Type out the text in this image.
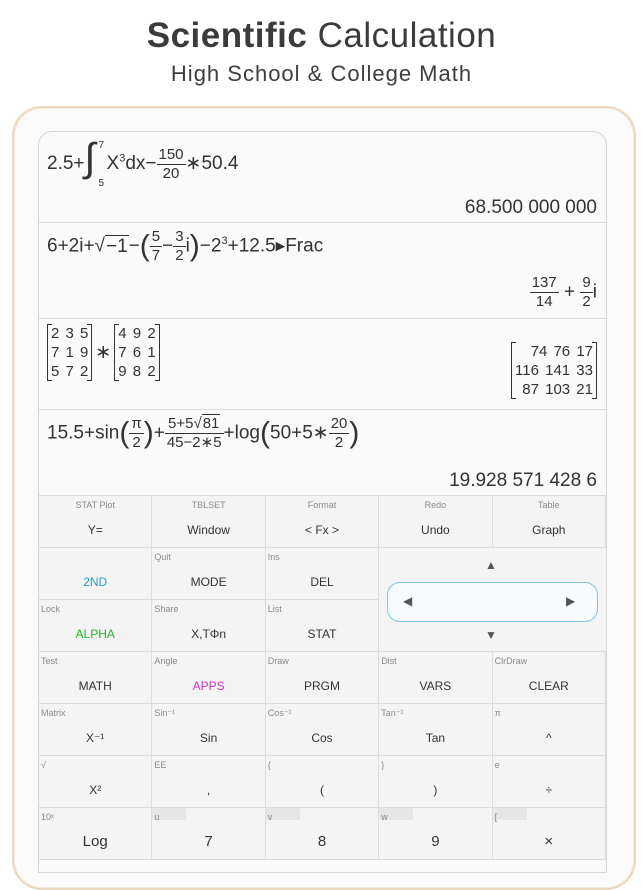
Scientific Calculation
High School & College Math
2.5+ ∫ 7
5
$X^3dx- \frac{150}{20}$ ∗50.4
68.500 000 000
$6+2i+√-1-( \frac{5}{7} - \frac{3}{2}$ $i)-2^3+12.5▸Frac$
$\frac{137}{14} + \frac{9}{2}$ i
2 3 5
7 1 9
5 7 2
∗
4 9 2
7 6 1
9 8 2
74 76 17
116 141 33
87 103 21
$15.5+\sin( \frac{\pi}{2}$ )+ $\frac{5+5√81}{45-2∗5}$ +log(50+5∗ $\frac{20}{2}$ )
19.928 571 428 6
▲
◀	▶
▼
STAT Plot
Y=
TBLSET
Window
Format
< Fx >
Redo
Undo
Table
Graph
2ND
Quit
MODE
Ins
DEL
Lock
ALPHA
Share
X,TΦn
List
STAT
Test
MATH
Angle
APPS
Draw
PRGM
Dist
VARS
ClrDraw
CLEAR
Matrix
X⁻¹
Sin⁻¹
Sin
Cos⁻¹
Cos
Tan⁻¹
Tan
π
^
√
X²
EE
,
{
(
}
)
e
÷
10ˣ
Log
u
7
v
8
w
9
[
×
